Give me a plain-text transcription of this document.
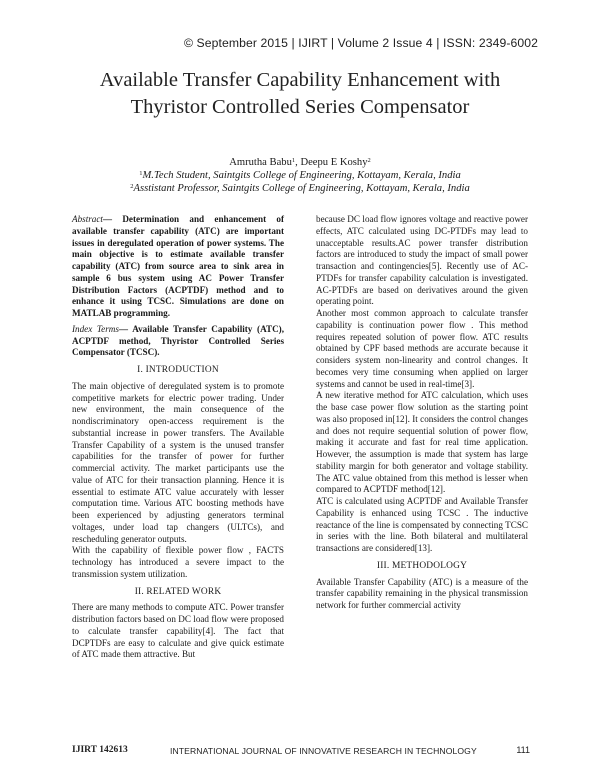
© September 2015 | IJIRT | Volume 2 Issue 4 | ISSN: 2349-6002
Available Transfer Capability Enhancement with
Thyristor Controlled Series Compensator
Amrutha Babu$^1$, Deepu E Koshy$^2$
$^1$M.Tech Student, Saintgits College of Engineering, Kottayam, Kerala, India
$^2$Asstistant Professor, Saintgits College of Engineering, Kottayam, Kerala, India

Abstract— Determination and enhancement of available transfer capability (ATC) are important issues in deregulated operation of power systems. The main objective is to estimate available transfer capability (ATC) from source area to sink area in sample 6 bus system using AC Power Transfer Distribution Factors (ACPTDF) method and to enhance it using TCSC. Simulations are done on MATLAB programming.

Index Terms— Available Transfer Capability (ATC), ACPTDF method, Thyristor Controlled Series Compensator (TCSC).

I. INTRODUCTION

The main objective of deregulated system is to promote competitive markets for electric power trading. Under new environment, the main consequence of the nondiscriminatory open-access requirement is the substantial increase in power transfers. The Available Transfer Capability of a system is the unused transfer capabilities for the transfer of power for further commercial activity. The market participants use the value of ATC for their transaction planning. Hence it is essential to estimate ATC value accurately with lesser computation time. Various ATC boosting methods have been experienced by adjusting generators terminal voltages, under load tap changers (ULTCs), and rescheduling generator outputs.

With the capability of flexible power flow , FACTS technology has introduced a severe impact to the transmission system utilization.

II. RELATED WORK

There are many methods to compute ATC. Power transfer distribution factors based on DC load flow were proposed to calculate transfer capability[4]. The fact that DCPTDFs are easy to calculate and give quick estimate of ATC made them attractive. But

because DC load flow ignores voltage and reactive power effects, ATC calculated using DC-PTDFs may lead to unacceptable results.AC power transfer distribution factors are introduced to study the impact of small power transaction and contingencies[5]. Recently use of AC-PTDFs for transfer capability calculation is investigated. AC-PTDFs are based on derivatives around the given operating point.

Another most common approach to calculate transfer capability is continuation power flow . This method requires repeated solution of power flow. ATC results obtained by CPF based methods are accurate because it considers system non-linearity and control changes. It becomes very time consuming when applied on larger systems and cannot be used in real-time[3].

A new iterative method for ATC calculation, which uses the base case power flow solution as the starting point was also proposed in[12]. It considers the control changes and does not require sequential solution of power flow, making it accurate and fast for real time application. However, the assumption is made that system has large stability margin for both generator and voltage stability. The ATC value obtained from this method is lesser when compared to ACPTDF method[12].

ATC is calculated using ACPTDF and Available Transfer Capability is enhanced using TCSC . The inductive reactance of the line is compensated by connecting TCSC in series with the line. Both bilateral and multilateral transactions are considered[13].

III. METHODOLOGY

Available Transfer Capability (ATC) is a measure of the transfer capability remaining in the physical transmission network for further commercial activity

IJIRT 142613	INTERNATIONAL JOURNAL OF INNOVATIVE RESEARCH IN TECHNOLOGY	111
